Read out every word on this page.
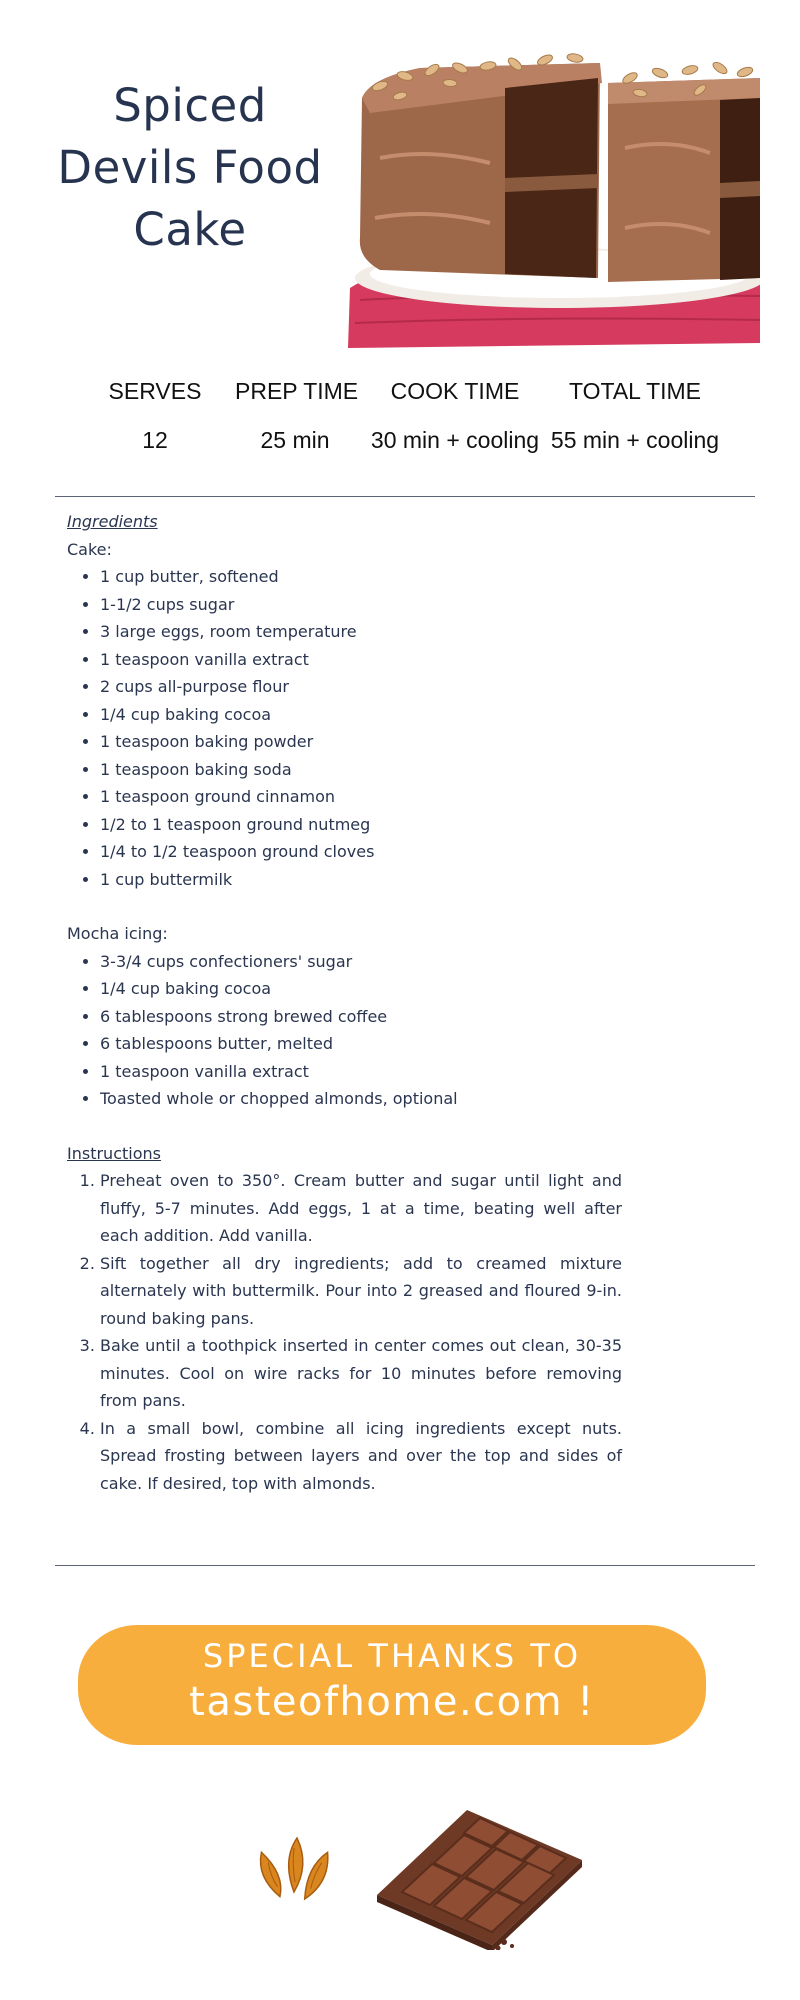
Spiced Devils Food Cake
SERVES
12
PREP TIME
25 min
COOK TIME
30 min + cooling
TOTAL TIME
55 min + cooling
Ingredients
Cake:
• 1 cup butter, softened
• 1-1/2 cups sugar
• 3 large eggs, room temperature
• 1 teaspoon vanilla extract
• 2 cups all-purpose flour
• 1/4 cup baking cocoa
• 1 teaspoon baking powder
• 1 teaspoon baking soda
• 1 teaspoon ground cinnamon
• 1/2 to 1 teaspoon ground nutmeg
• 1/4 to 1/2 teaspoon ground cloves
• 1 cup buttermilk
Mocha icing:
• 3-3/4 cups confectioners' sugar
• 1/4 cup baking cocoa
• 6 tablespoons strong brewed coffee
• 6 tablespoons butter, melted
• 1 teaspoon vanilla extract
• Toasted whole or chopped almonds, optional
Instructions
1. Preheat oven to 350°. Cream butter and sugar until light and fluffy, 5-7 minutes. Add eggs, 1 at a time, beating well after each addition. Add vanilla.
2. Sift together all dry ingredients; add to creamed mixture alternately with buttermilk. Pour into 2 greased and floured 9-in. round baking pans.
3. Bake until a toothpick inserted in center comes out clean, 30-35 minutes. Cool on wire racks for 10 minutes before removing from pans.
4. In a small bowl, combine all icing ingredients except nuts. Spread frosting between layers and over the top and sides of cake. If desired, top with almonds.
SPECIAL THANKS TO
tasteofhome.com !
